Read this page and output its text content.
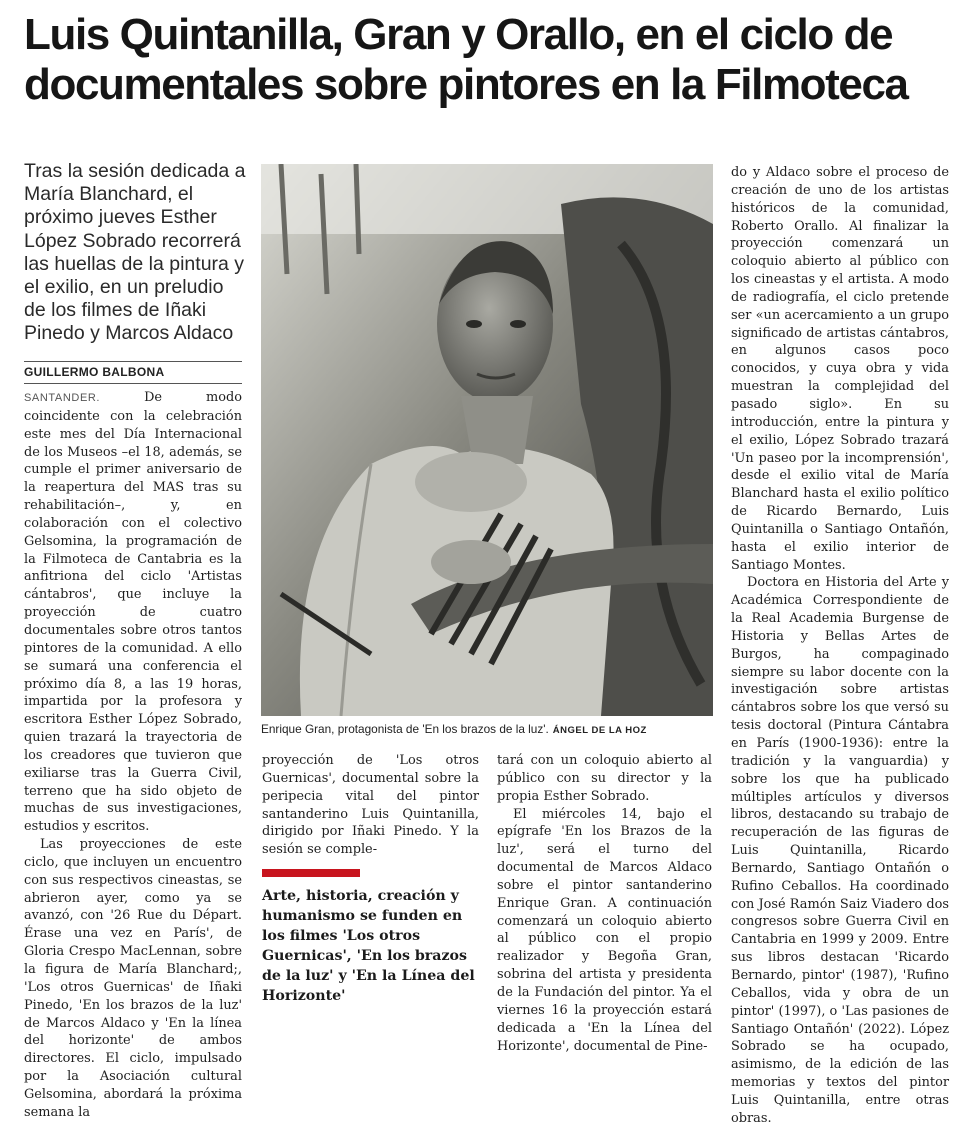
Luis Quintanilla, Gran y Orallo, en el ciclo de documentales sobre pintores en la Filmoteca

Tras la sesión dedicada a María Blanchard, el próximo jueves Esther López Sobrado recorrerá las huellas de la pintura y el exilio, en un preludio de los filmes de Iñaki Pinedo y Marcos Aldaco

GUILLERMO BALBONA

SANTANDER.	De modo coincidente con la celebración este mes del Día Internacional de los Museos –el 18, además, se cumple el primer aniversario de la reapertura del MAS tras su rehabilitación–, y, en colaboración con el colectivo Gelsomina, la programación de la Filmoteca de Cantabria es la anfitriona del ciclo 'Artistas cántabros', que incluye la proyección de cuatro documentales sobre otros tantos pintores de la comunidad. A ello se sumará una conferencia el próximo día 8, a las 19 horas, impartida por la profesora y escritora Esther López Sobrado, quien trazará la trayectoria de los creadores que tuvieron que exiliarse tras la Guerra Civil, terreno que ha sido objeto de muchas de sus investigaciones, estudios y escritos.

Las proyecciones de este ciclo, que incluyen un encuentro con sus respectivos cineastas, se abrieron ayer, como ya se avanzó, con '26 Rue du Départ. Érase una vez en París', de Gloria Crespo MacLennan, sobre la figura de María Blanchard;, 'Los otros Guernicas' de Iñaki Pinedo, 'En los brazos de la luz' de Marcos Aldaco y 'En la línea del horizonte' de ambos directores. El ciclo, impulsado por la Asociación cultural Gelsomina, abordará la próxima semana la

Enrique Gran, protagonista de 'En los brazos de la luz'. ÁNGEL DE LA HOZ

proyección de 'Los otros Guernicas', documental sobre la peripecia vital del pintor santanderino Luis Quintanilla, dirigido por Iñaki Pinedo. Y la sesión se comple-

Arte, historia, creación y humanismo se funden en los filmes 'Los otros Guernicas', 'En los brazos de la luz' y 'En la Línea del Horizonte'

tará con un coloquio abierto al público con su director y la propia Esther Sobrado.

El miércoles 14, bajo el epígrafe 'En los Brazos de la luz', será el turno del documental de Marcos Aldaco sobre el pintor santanderino Enrique Gran. A continuación comenzará un coloquio abierto al público con el propio realizador y Begoña Gran, sobrina del artista y presidenta de la Fundación del pintor. Ya el viernes 16 la proyección estará dedicada a 'En la Línea del Horizonte', documental de Pine-

do y Aldaco sobre el proceso de creación de uno de los artistas históricos de la comunidad, Roberto Orallo. Al finalizar la proyección comenzará un coloquio abierto al público con los cineastas y el artista. A modo de radiografía, el ciclo pretende ser «un acercamiento a un grupo significado de artistas cántabros, en algunos casos poco conocidos, y cuya obra y vida muestran la complejidad del pasado siglo». En su introducción, entre la pintura y el exilio, López Sobrado trazará 'Un paseo por la incomprensión', desde el exilio vital de María Blanchard hasta el exilio político de Ricardo Bernardo, Luis Quintanilla o Santiago Ontañón, hasta el exilio interior de Santiago Montes.

Doctora en Historia del Arte y Académica Correspondiente de la Real Academia Burgense de Historia y Bellas Artes de Burgos, ha compaginado siempre su labor docente con la investigación sobre artistas cántabros sobre los que versó su tesis doctoral (Pintura Cántabra en París (1900-1936): entre la tradición y la vanguardia) y sobre los que ha publicado múltiples artículos y diversos libros, destacando su trabajo de recuperación de las figuras de Luis Quintanilla, Ricardo Bernardo, Santiago Ontañón o Rufino Ceballos. Ha coordinado con José Ramón Saiz Viadero dos congresos sobre Guerra Civil en Cantabria en 1999 y 2009. Entre sus libros destacan 'Ricardo Bernardo, pintor' (1987), 'Rufino Ceballos, vida y obra de un pintor' (1997), o 'Las pasiones de Santiago Ontañón' (2022). López Sobrado se ha ocupado, asimismo, de la edición de las memorias y textos del pintor Luis Quintanilla, entre otras obras.
